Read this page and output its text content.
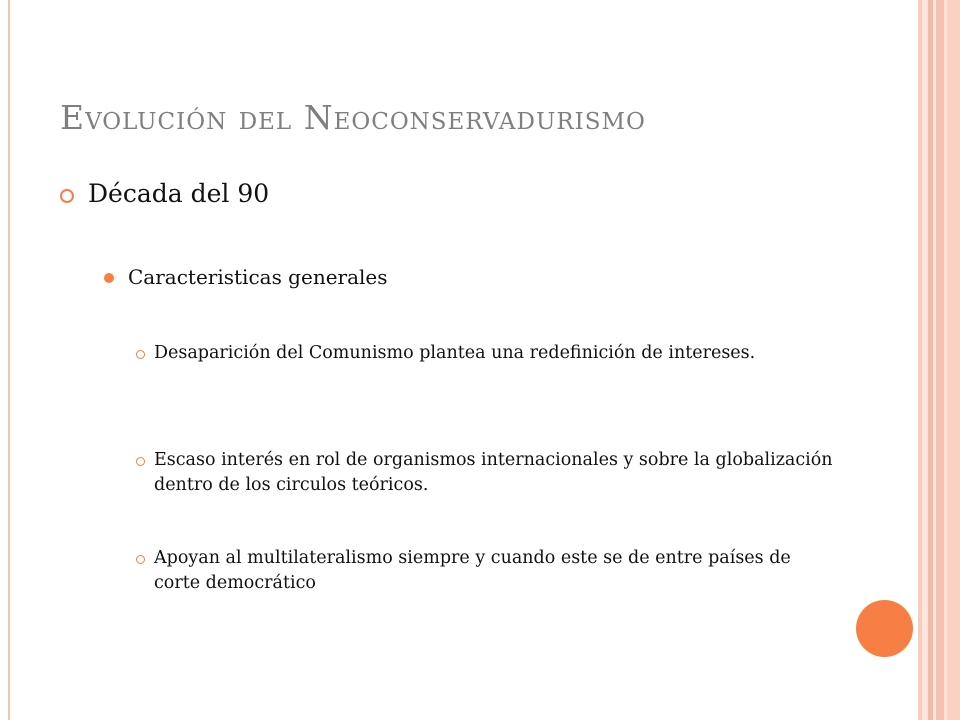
Evolución del Neoconservadurismo
Década del 90
Caracteristicas generales
Desaparición del Comunismo plantea una redefinición de intereses.
Escaso interés en rol de organismos internacionales y sobre la globalización dentro de los circulos teóricos.
Apoyan al multilateralismo siempre y cuando este se de entre países de corte democrático
